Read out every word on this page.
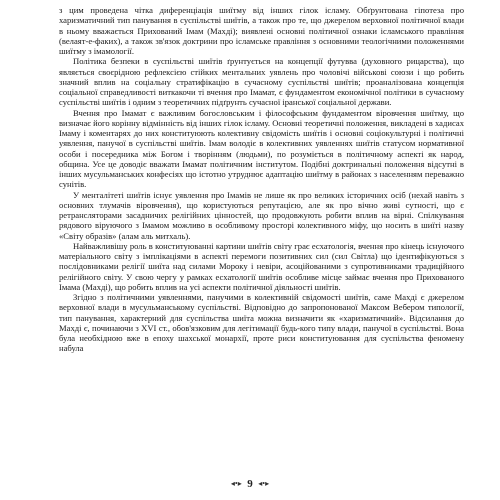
з цим проведена чітка диференціація шиїтму від інших гілок ісламу. Обґрунтована гіпотеза про харизматичний тип панування в суспільстві шиїтів, а також про те, що джерелом верховної політичної влади в ньому вважається Прихований Імам (Махді); виявлені основні політичної ознаки ісламського правління (велаят-е-факих), а також зв'язок доктрини про ісламське правління з основними теологічними положеннями шиїтму з імамології.

Політика безпеки в суспільстві шиїтів ґрунтується на концепції футувва (духовного рицарства), що являється своєрідною рефлексією стійких ментальних уявлень про чоловічі військові союзи і що робить значний вплив на соціальну стратифікацію в сучасному суспільстві шиїтів; проаналізована концепція соціальної справедливості виткакочи ті вчення про Імамат, є фундаментом економічної політики в сучасному суспільстві шиїтів і одним з теоретичних підґрунть сучасної іранської соціальної держави.

Вчення про Імамат є важливим богословським і філософським фундаментом віровчення шиїтму, що визначає його корінну відмінність від інших гілок ісламу. Основні теоретичні положення, викладені в хадисах Імаму і коментарях до них конституюють колективну свідомість шиїтів і основні соціокультурні і політичні уявлення, панучої в суспільстві шиїтів. Імам володіє в колективних уявленнях шиїтів статусом нормативної особи і посередника між Богом і творінням (людьми), по розуміється в політичному аспекті як народ, община. Усе це доводіє вважати Імамат політичним інститутом. Подібні доктринальні положення відсутні в інших мусульманських конфесіях що істотно утруднює адаптацію шиїтму в районах з населенням переважно сунітів.

У менталітеті шиїтів існує уявлення про Імамів не лише як про великих історичних осіб (нехай навіть з основних тлумачів віровчення), що користуються репутацією, але як про вічно живі сутності, що є ретрансляторами засадничих релігійних цінностей, що продовжують робити вплив на вірні. Спілкування рядового віруючого з Імамом можливо в особливому просторі колективного міфу, що носить в шиїті назву «Світу образів» (алам аль митхаль).

Найважливішу роль в конституюванні картини шиїтів світу грає есхатологія, вчення про кінець існуючого матеріального світу з імплікаціями в аспекті перемоги позитивних сил (сил Світла) що ідентифікуються з послідовниками релігії шиїта над силами Мороку і невіри, асоційованими з супротивниками традиційного релігійного світу. У свою чергу у рамках есхатології шиїтів особливе місце займає вчення про Прихованого Імама (Махді), що робить вплив на усі аспекти політичної діяльності шиїтів.

Згідно з політичними уявленнями, панучими в колективній свідомості шиїтів, саме Махді є джерелом верховної влади в мусульманському суспільстві. Відповідно до запропонованої Максом Вебером типології, тип панування, характерний для суспільства шиїта можна визначити як «харизматичний». Відсилання до Махді є, починаючи з XVI ст., обов'язковим для легітимації будь-кого типу влади, панучої в суспільстві. Вона була необхідною вже в епоху шахської монархії, проте риси конституювання для суспільства феномену набула

◂•▸ 9 ◂•▸
